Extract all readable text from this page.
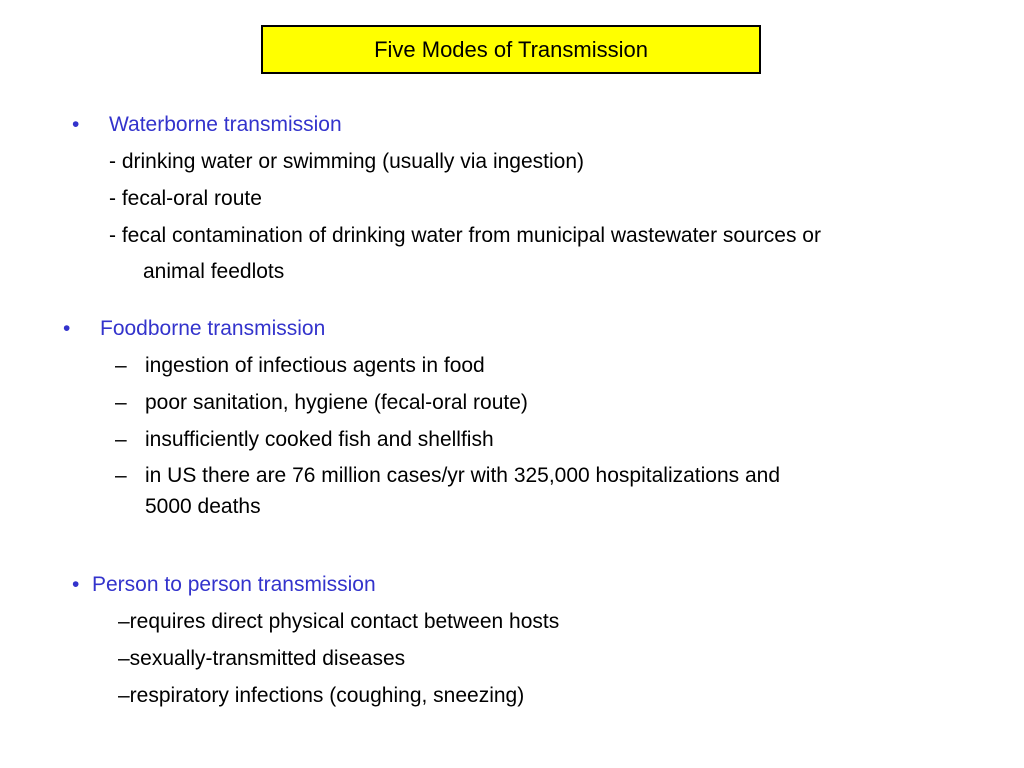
Five Modes of Transmission
• Waterborne transmission
- drinking water or swimming (usually via ingestion)
- fecal-oral route
- fecal contamination of drinking water from municipal wastewater sources or
animal feedlots
• Foodborne transmission
– ingestion of infectious agents in food
– poor sanitation, hygiene (fecal-oral route)
– insufficiently cooked fish and shellfish
– in US there are 76 million cases/yr with 325,000 hospitalizations and
5000 deaths
• Person to person transmission
–requires direct physical contact between hosts
–sexually-transmitted diseases
–respiratory infections (coughing, sneezing)
